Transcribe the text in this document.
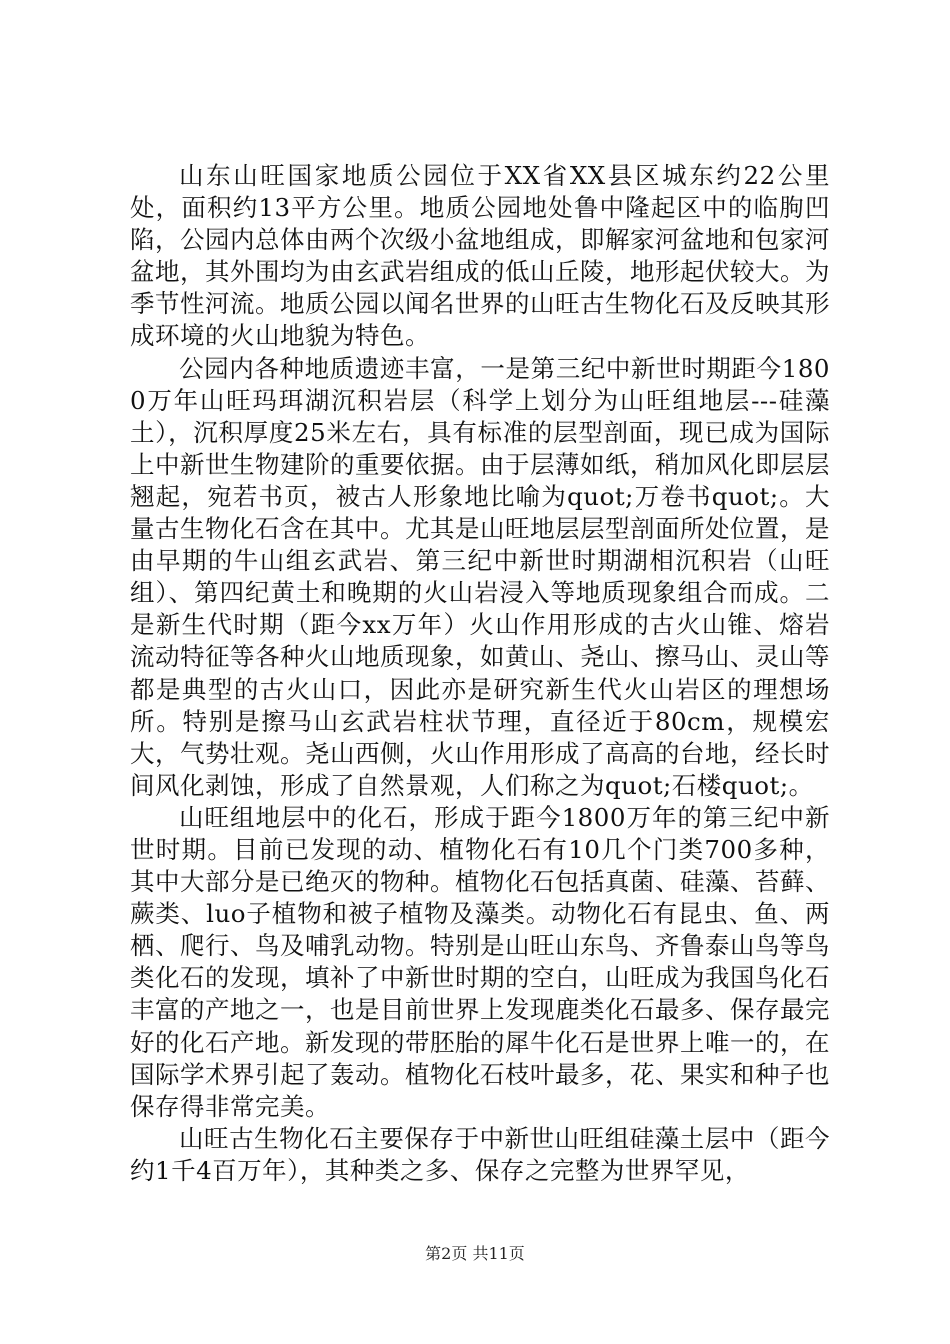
山东山旺国家地质公园位于XX省XX县区城东约22公里处，面积约13平方公里。地质公园地处鲁中隆起区中的临朐凹陷，公园内总体由两个次级小盆地组成，即解家河盆地和包家河盆地，其外围均为由玄武岩组成的低山丘陵，地形起伏较大。为季节性河流。地质公园以闻名世界的山旺古生物化石及反映其形成环境的火山地貌为特色。

公园内各种地质遗迹丰富，一是第三纪中新世时期距今1800万年山旺玛珥湖沉积岩层（科学上划分为山旺组地层---硅藻土），沉积厚度25米左右，具有标准的层型剖面，现已成为国际上中新世生物建阶的重要依据。由于层薄如纸，稍加风化即层层翘起，宛若书页，被古人形象地比喻为quot;万卷书quot;。大量古生物化石含在其中。尤其是山旺地层层型剖面所处位置，是由早期的牛山组玄武岩、第三纪中新世时期湖相沉积岩（山旺组）、第四纪黄土和晚期的火山岩浸入等地质现象组合而成。二是新生代时期（距今xx万年）火山作用形成的古火山锥、熔岩流动特征等各种火山地质现象，如黄山、尧山、擦马山、灵山等都是典型的古火山口，因此亦是研究新生代火山岩区的理想场所。特别是擦马山玄武岩柱状节理，直径近于80cm，规模宏大，气势壮观。尧山西侧，火山作用形成了高高的台地，经长时间风化剥蚀，形成了自然景观，人们称之为quot;石楼quot;。

山旺组地层中的化石，形成于距今1800万年的第三纪中新世时期。目前已发现的动、植物化石有10几个门类700多种，其中大部分是已绝灭的物种。植物化石包括真菌、硅藻、苔藓、蕨类、luo子植物和被子植物及藻类。动物化石有昆虫、鱼、两栖、爬行、鸟及哺乳动物。特别是山旺山东鸟、齐鲁泰山鸟等鸟类化石的发现，填补了中新世时期的空白，山旺成为我国鸟化石丰富的产地之一，也是目前世界上发现鹿类化石最多、保存最完好的化石产地。新发现的带胚胎的犀牛化石是世界上唯一的，在国际学术界引起了轰动。植物化石枝叶最多，花、果实和种子也保存得非常完美。

山旺古生物化石主要保存于中新世山旺组硅藻土层中（距今约1千4百万年），其种类之多、保存之完整为世界罕见，

第2页 共11页
